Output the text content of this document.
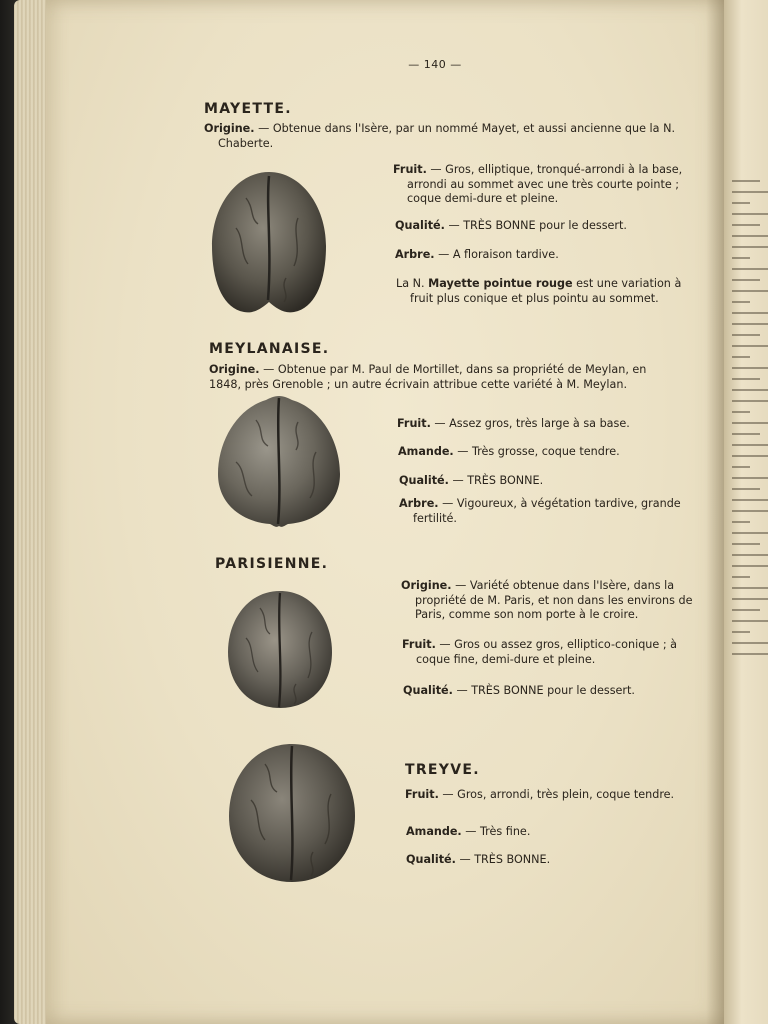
— 140 —
MAYETTE.
Origine. — Obtenue dans l'Isère, par un nommé Mayet, et aussi ancienne que la N. Chaberte.
Fruit. — Gros, elliptique, tronqué-arrondi à la base, arrondi au sommet avec une très courte pointe ; coque demi-dure et pleine.
Qualité. — TRÈS BONNE pour le dessert.
Arbre. — A floraison tardive.
La N. Mayette pointue rouge est une variation à fruit plus conique et plus pointu au sommet.
MEYLANAISE.
Origine. — Obtenue par M. Paul de Mortillet, dans sa propriété de Meylan, en 1848, près Grenoble ; un autre écrivain attribue cette variété à M. Meylan.
Fruit. — Assez gros, très large à sa base.
Amande. — Très grosse, coque tendre.
Qualité. — TRÈS BONNE.
Arbre. — Vigoureux, à végétation tardive, grande fertilité.
PARISIENNE.
Origine. — Variété obtenue dans l'Isère, dans la propriété de M. Paris, et non dans les environs de Paris, comme son nom porte à le croire.
Fruit. — Gros ou assez gros, elliptico-conique ; à coque fine, demi-dure et pleine.
Qualité. — TRÈS BONNE pour le dessert.
TREYVE.
Fruit. — Gros, arrondi, très plein, coque tendre.
Amande. — Très fine.
Qualité. — TRÈS BONNE.
